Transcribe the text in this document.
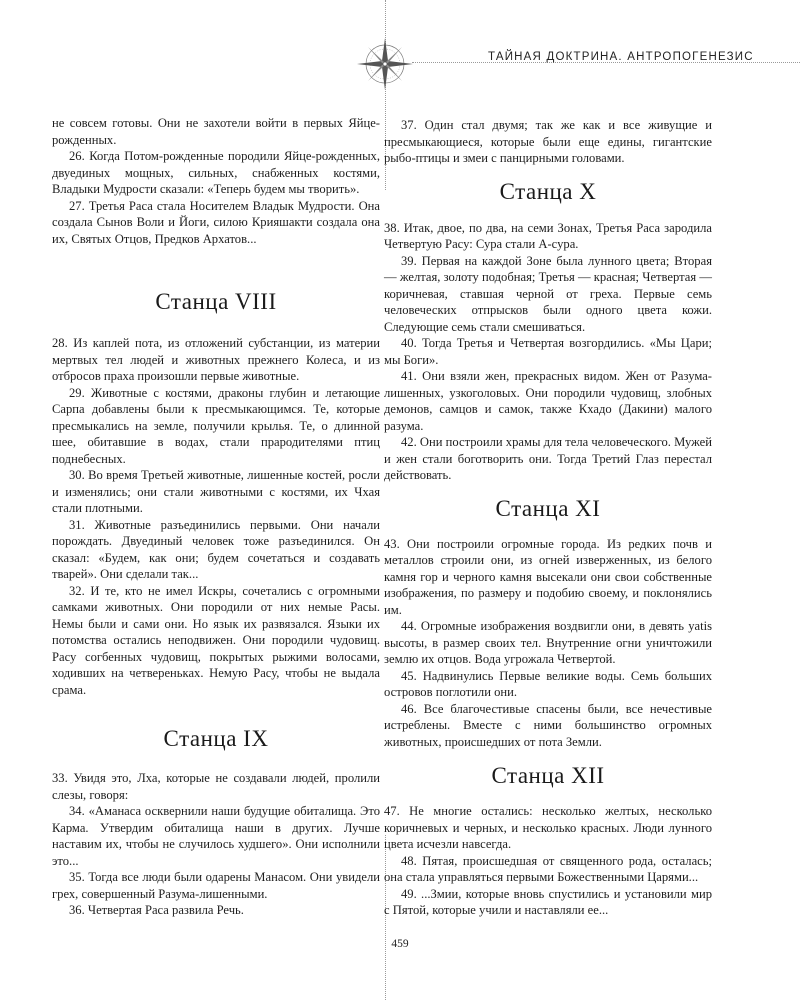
ТАЙНАЯ ДОКТРИНА. АНТРОПОГЕНЕЗИС

не совсем готовы. Они не захотели войти в первых Яйце-рожденных.

26. Когда Потом-рожденные породили Яйце-рожденных, двуединых мощных, сильных, снабженных костями, Владыки Мудрости сказали: «Теперь будем мы творить».

27. Третья Раса стала Носителем Владык Мудрости. Она создала Сынов Воли и Йоги, силою Крияшакти создала она их, Святых Отцов, Предков Архатов...

Станца VIII

28. Из каплей пота, из отложений субстанции, из материи мертвых тел людей и животных прежнего Колеса, и из отбросов праха произошли первые животные.

29. Животные с костями, драконы глубин и летающие Сарпа добавлены были к пресмыкающимся. Те, которые пресмыкались на земле, получили крылья. Те, о длинной шее, обитавшие в водах, стали прародителями птиц поднебесных.

30. Во время Третьей животные, лишенные костей, росли и изменялись; они стали животными с костями, их Чхая стали плотными.

31. Животные разъединились первыми. Они начали порождать. Двуединый человек тоже разъединился. Он сказал: «Будем, как они; будем сочетаться и создавать тварей». Они сделали так...

32. И те, кто не имел Искры, сочетались с огромными самками животных. Они породили от них немые Расы. Немы были и сами они. Но язык их развязался. Языки их потомства остались неподвижен. Они породили чудовищ. Расу согбенных чудовищ, покрытых рыжими волосами, ходивших на четвереньках. Немую Расу, чтобы не выдала срама.

Станца IX

33. Увидя это, Лха, которые не создавали людей, пролили слезы, говоря:

34. «Аманаса осквернили наши будущие обиталища. Это Карма. Утвердим обиталища наши в других. Лучше наставим их, чтобы не случилось худшего». Они исполнили это...

35. Тогда все люди были одарены Манасом. Они увидели грех, совершенный Разума-лишенными.

36. Четвертая Раса развила Речь.

37. Один стал двумя; так же как и все живущие и пресмыкающиеся, которые были еще едины, гигантские рыбо-птицы и змеи с панцирными головами.

Станца X

38. Итак, двое, по два, на семи Зонах, Третья Раса зародила Четвертую Расу: Сура стали А-сура.

39. Первая на каждой Зоне была лунного цвета; Вторая — желтая, золоту подобная; Третья — красная; Четвертая — коричневая, ставшая черной от греха. Первые семь человеческих отпрысков были одного цвета кожи. Следующие семь стали смешиваться.

40. Тогда Третья и Четвертая возгордились. «Мы Цари; мы Боги».

41. Они взяли жен, прекрасных видом. Жен от Разума-лишенных, узкоголовых. Они породили чудовищ, злобных демонов, самцов и самок, также Кхадо (Дакини) малого разума.

42. Они построили храмы для тела человеческого. Мужей и жен стали боготворить они. Тогда Третий Глаз перестал действовать.

Станца XI

43. Они построили огромные города. Из редких почв и металлов строили они, из огней изверженных, из белого камня гор и черного камня высекали они свои собственные изображения, по размеру и подобию своему, и поклонялись им.

44. Огромные изображения воздвигли они, в девять yatis высоты, в размер своих тел. Внутренние огни уничтожили землю их отцов. Вода угрожала Четвертой.

45. Надвинулись Первые великие воды. Семь больших островов поглотили они.

46. Все благочестивые спасены были, все нечестивые истреблены. Вместе с ними большинство огромных животных, происшедших от пота Земли.

Станца XII

47. Не многие остались: несколько желтых, несколько коричневых и черных, и несколько красных. Люди лунного цвета исчезли навсегда.

48. Пятая, происшедшая от священного рода, осталась; она стала управляться первыми Божественными Царями...

49. ...Змии, которые вновь спустились и установили мир с Пятой, которые учили и наставляли ее...

459
